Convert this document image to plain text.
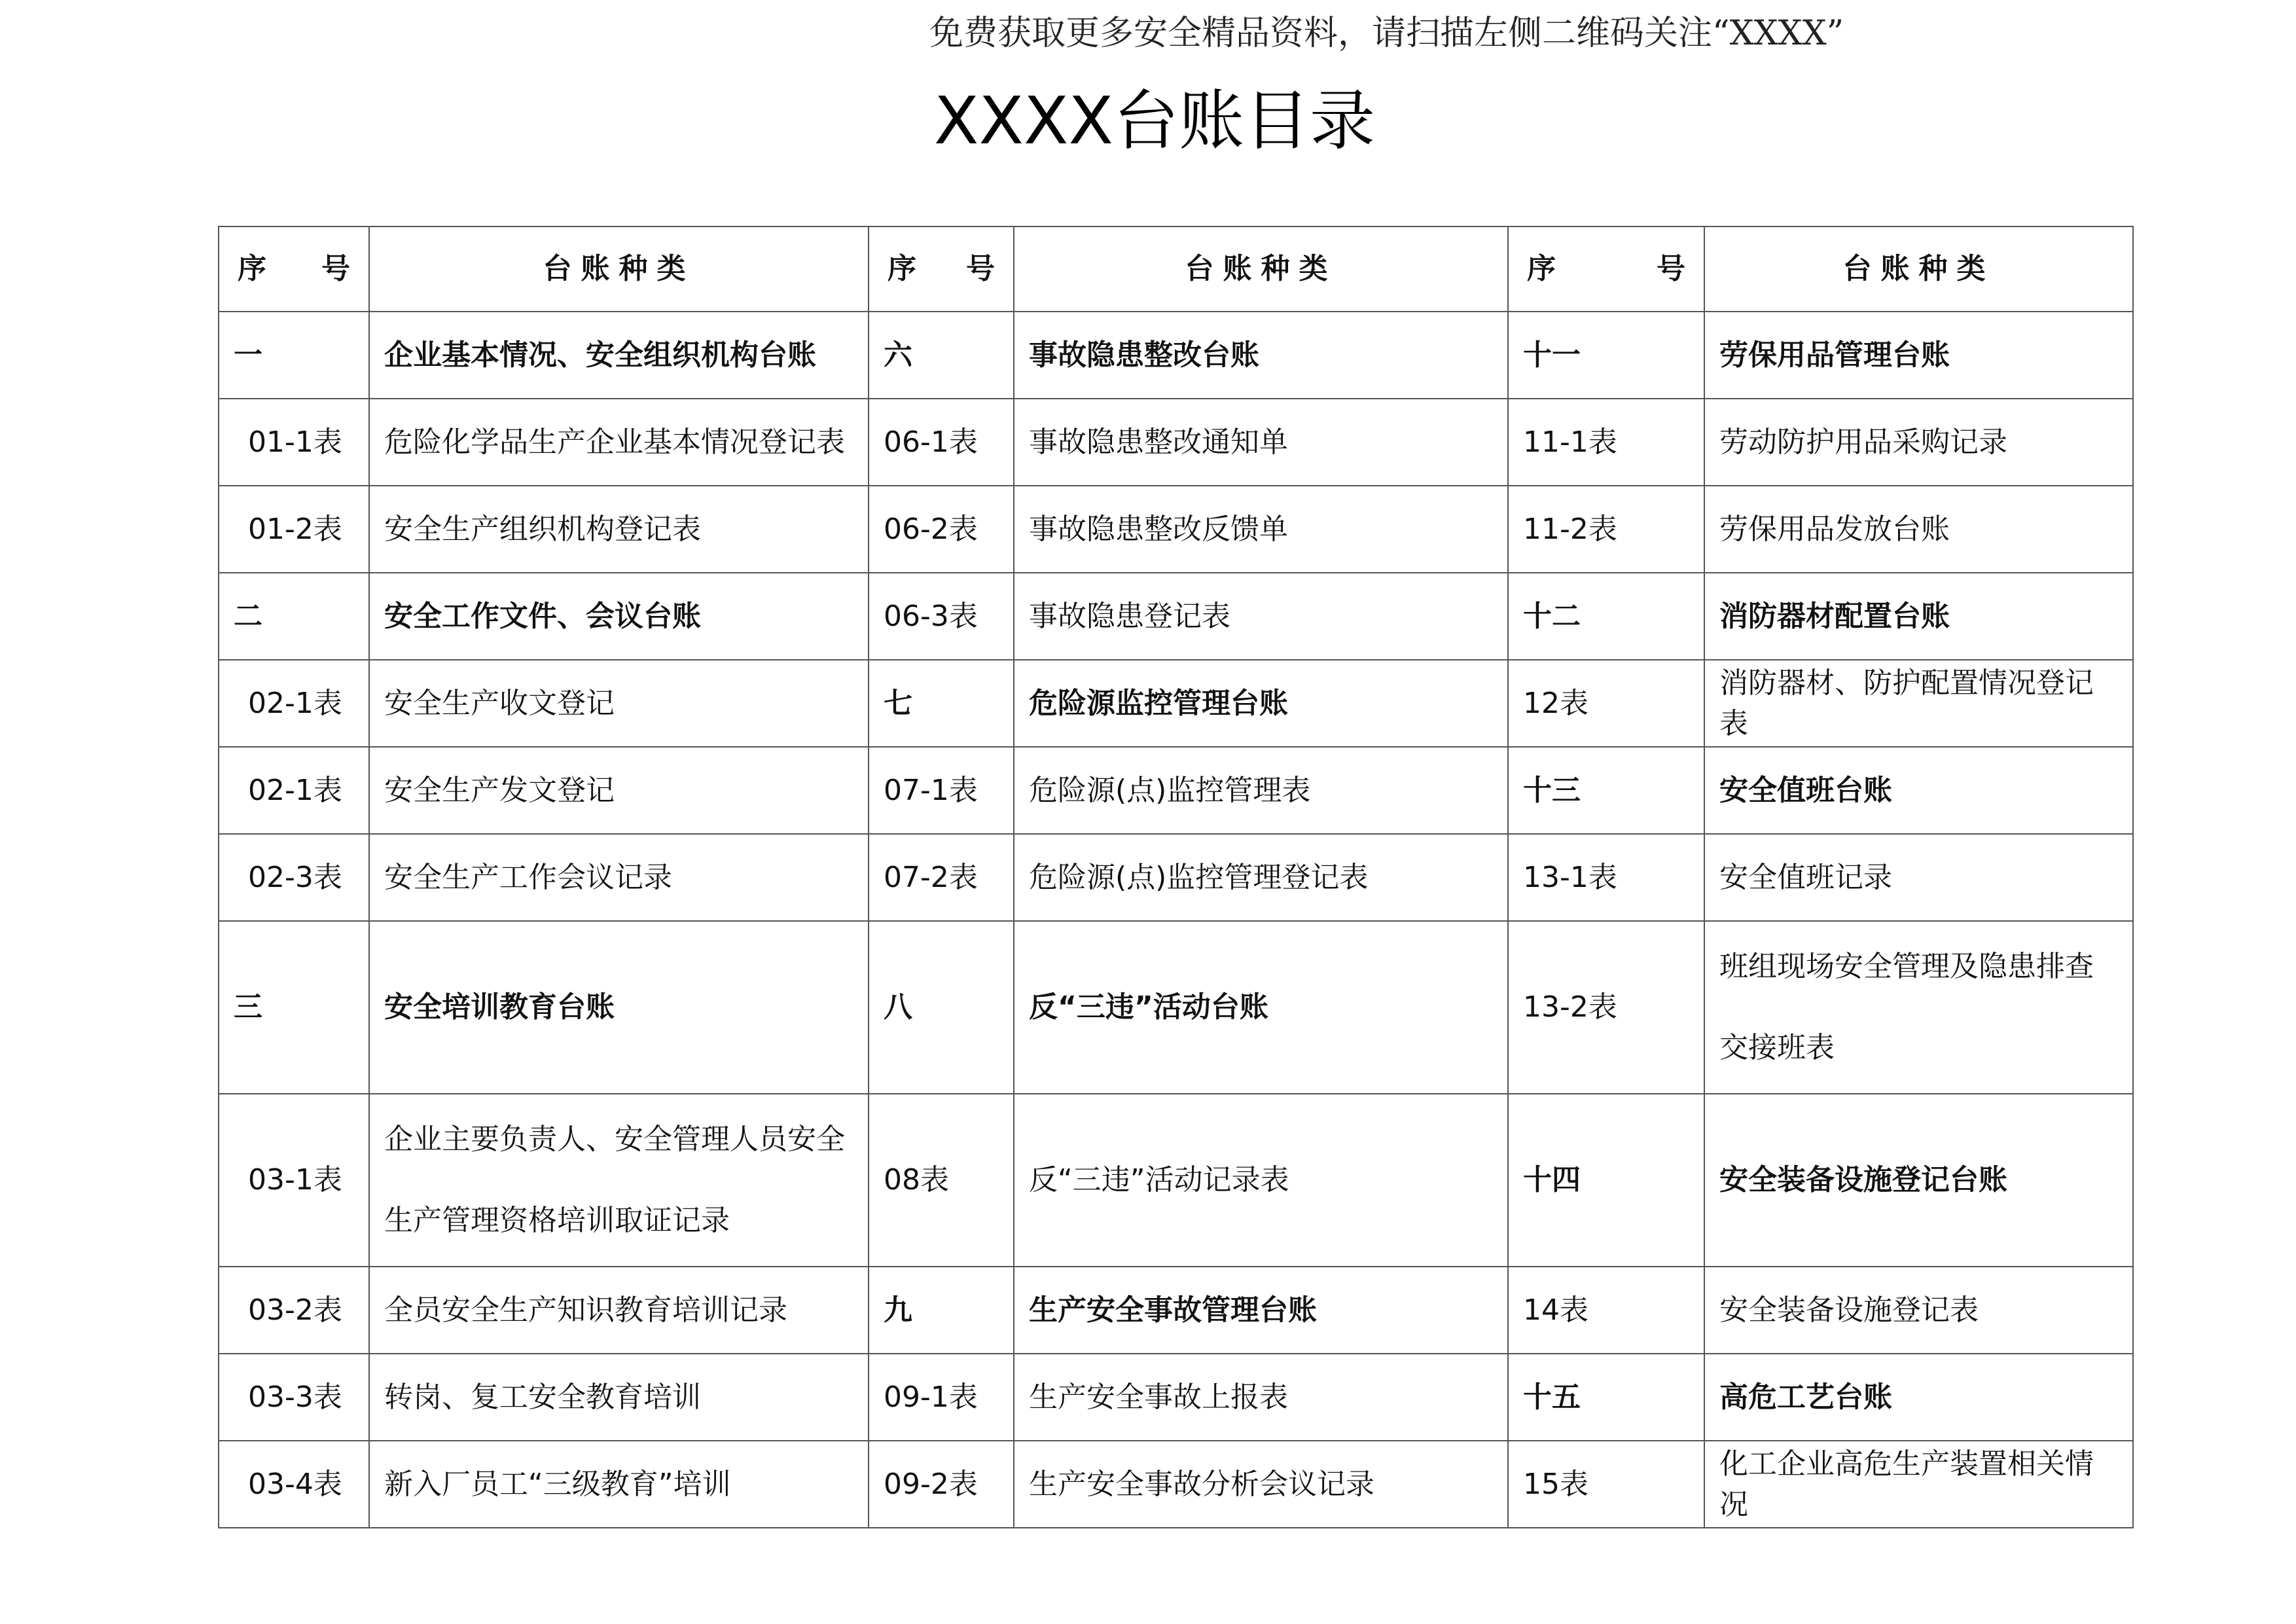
免费获取更多安全精品资料，请扫描左侧二维码关注“XXXX”
XXXX台账目录
序 号	台账种类	序 号	台账种类	序 号	台账种类
一	企业基本情况、安全组织机构台账	六	事故隐患整改台账	十一	劳保用品管理台账
01-1表	危险化学品生产企业基本情况登记表	06-1表	事故隐患整改通知单	11-1表	劳动防护用品采购记录
01-2表	安全生产组织机构登记表	06-2表	事故隐患整改反馈单	11-2表	劳保用品发放台账
二	安全工作文件、会议台账	06-3表	事故隐患登记表	十二	消防器材配置台账
02-1表	安全生产收文登记	七	危险源监控管理台账	12表	消防器材、防护配置情况登记表
02-1表	安全生产发文登记	07-1表	危险源(点)监控管理表	十三	安全值班台账
02-3表	安全生产工作会议记录	07-2表	危险源(点)监控管理登记表	13-1表	安全值班记录
三	安全培训教育台账	八	反“三违”活动台账	13-2表	班组现场安全管理及隐患排查交接班表
03-1表	企业主要负责人、安全管理人员安全生产管理资格培训取证记录	08表	反“三违”活动记录表	十四	安全装备设施登记台账
03-2表	全员安全生产知识教育培训记录	九	生产安全事故管理台账	14表	安全装备设施登记表
03-3表	转岗、复工安全教育培训	09-1表	生产安全事故上报表	十五	高危工艺台账
03-4表	新入厂员工“三级教育”培训	09-2表	生产安全事故分析会议记录	15表	化工企业高危生产装置相关情况
